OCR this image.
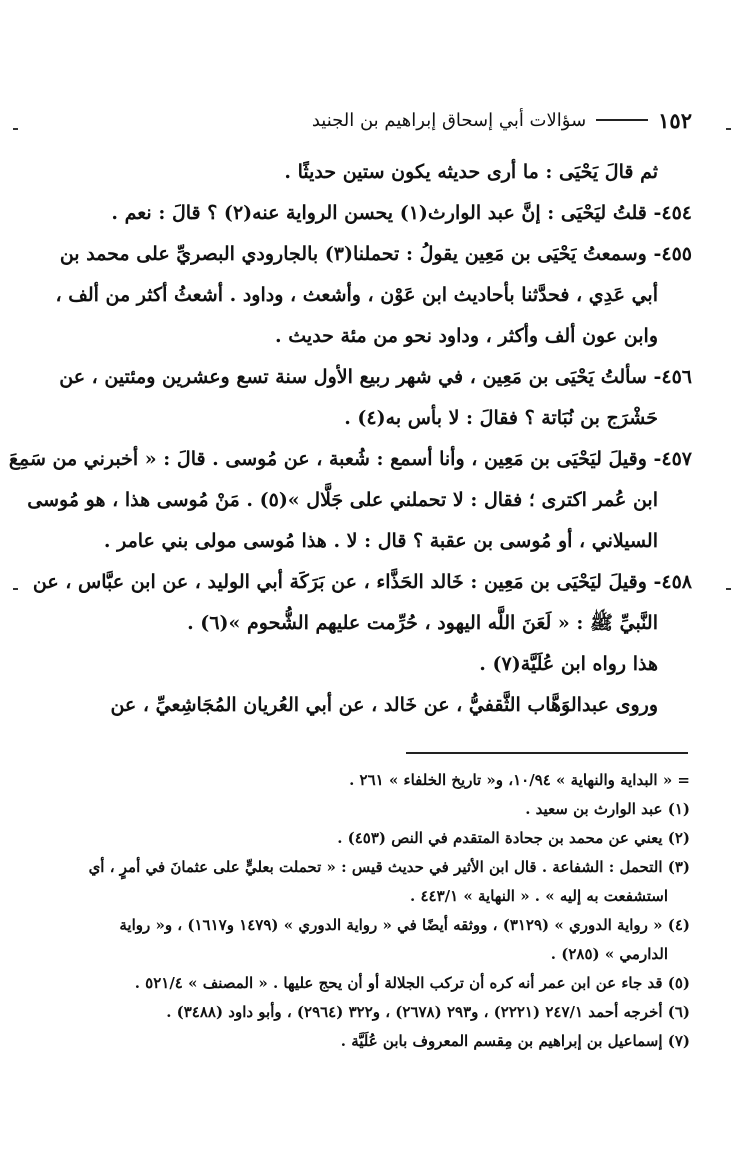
١٥٢
سؤالات أبي إسحاق إبراهيم بن الجنيد
ثم قالَ يَحْيَى : ما أرى حديثه يكون ستين حديثًا .
٤٥٤- قلتُ ليَحْيَى : إنَّ عبد الوارث(١) يحسن الرواية عنه(٢) ؟ قالَ : نعم .
٤٥٥- وسمعتُ يَحْيَى بن مَعِين يقولُ : تحملنا(٣) بالجارودي البصريِّ على محمد بن
أبي عَدِي ، فحدَّثنا بأحاديث ابن عَوْن ، وأشعث ، وداود . أشعثُ أكثر من ألف ،
وابن عون ألف وأكثر ، وداود نحو من مئة حديث .
٤٥٦- سألتُ يَحْيَى بن مَعِين ، في شهر ربيع الأول سنة تسع وعشرين ومئتين ، عن
حَشْرَج بن نُبَاتة ؟ فقالَ : لا بأس به(٤) .
٤٥٧- وقيلَ ليَحْيَى بن مَعِين ، وأنا أسمع : شُعبة ، عن مُوسى . قالَ : « أخبرني من سَمِعَ
ابن عُمر اكترى ؛ فقال : لا تحملني على جَلَّال »(٥) . مَنْ مُوسى هذا ، هو مُوسى
السيلاني ، أو مُوسى بن عقبة ؟ قال : لا . هذا مُوسى مولى بني عامر .
٤٥٨- وقيلَ ليَحْيَى بن مَعِين : خَالد الحَذَّاء ، عن بَرَكَة أبي الوليد ، عن ابن عبَّاس ، عن
النَّبيِّ ﷺ : « لَعَنَ اللَّه اليهود ، حُرِّمت عليهم الشُّحوم »(٦) .
هذا رواه ابن عُلَيَّة(٧) .
وروى عبدالوَهَّاب الثَّقفيُّ ، عن خَالد ، عن أبي العُريان المُجَاشِعيِّ ، عن
= « البداية والنهاية » ١٠/٩٤، و« تاريخ الخلفاء » ٢٦١ .
(١) عبد الوارث بن سعيد .
(٢) يعني عن محمد بن جحادة المتقدم في النص (٤٥٣) .
(٣) التحمل : الشفاعة . قال ابن الأثير في حديث قيس : « تحملت بعليٍّ على عثمانَ في أمرٍ ، أي
استشفعت به إليه » . « النهاية » ٤٤٣/١ .
(٤) « رواية الدوري » (٣١٢٩) ، ووثقه أيضًا في « رواية الدوري » (١٤٧٩ و١٦١٧) ، و« رواية
الدارمي » (٢٨٥) .
(٥) قد جاء عن ابن عمر أنه كره أن تركب الجلالة أو أن يحج عليها . « المصنف » ٥٢١/٤ .
(٦) أخرجه أحمد ٢٤٧/١ (٢٢٢١) ، و٢٩٣ (٢٦٧٨) ، و٣٢٢ (٢٩٦٤) ، وأبو داود (٣٤٨٨) .
(٧) إسماعيل بن إبراهيم بن مِقسم المعروف بابن عُلَيَّة .
